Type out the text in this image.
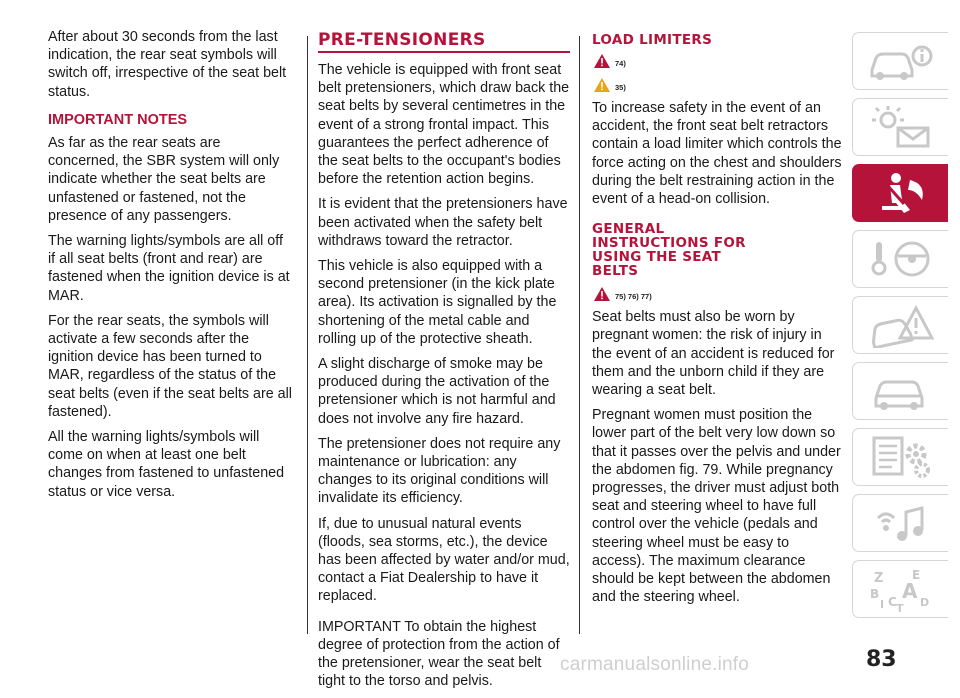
After about 30 seconds from the last indication, the rear seat symbols will switch off, irrespective of the seat belt status.

IMPORTANT NOTES

As far as the rear seats are concerned, the SBR system will only indicate whether the seat belts are unfastened or fastened, not the presence of any passengers.

The warning lights/symbols are all off if all seat belts (front and rear) are fastened when the ignition device is at MAR.

For the rear seats, the symbols will activate a few seconds after the ignition device has been turned to MAR, regardless of the status of the seat belts (even if the seat belts are all fastened).

All the warning lights/symbols will come on when at least one belt changes from fastened to unfastened status or vice versa.

PRE-TENSIONERS

The vehicle is equipped with front seat belt pretensioners, which draw back the seat belts by several centimetres in the event of a strong frontal impact. This guarantees the perfect adherence of the seat belts to the occupant's bodies before the retention action begins.

It is evident that the pretensioners have been activated when the safety belt withdraws toward the retractor.

This vehicle is also equipped with a second pretensioner (in the kick plate area). Its activation is signalled by the shortening of the metal cable and rolling up of the protective sheath.

A slight discharge of smoke may be produced during the activation of the pretensioner which is not harmful and does not involve any fire hazard.

The pretensioner does not require any maintenance or lubrication: any changes to its original conditions will invalidate its efficiency.

If, due to unusual natural events (floods, sea storms, etc.), the device has been affected by water and/or mud, contact a Fiat Dealership to have it replaced.

IMPORTANT To obtain the highest degree of protection from the action of the pretensioner, wear the seat belt tight to the torso and pelvis.

LOAD LIMITERS
74)
35)

To increase safety in the event of an accident, the front seat belt retractors contain a load limiter which controls the force acting on the chest and shoulders during the belt restraining action in the event of a head-on collision.

GENERAL INSTRUCTIONS FOR USING THE SEAT BELTS
75) 76) 77)

Seat belts must also be worn by pregnant women: the risk of injury in the event of an accident is reduced for them and the unborn child if they are wearing a seat belt.

Pregnant women must position the lower part of the belt very low down so that it passes over the pelvis and under the abdomen fig. 79. While pregnancy progresses, the driver must adjust both seat and steering wheel to have full control over the vehicle (pedals and steering wheel must be easy to access). The maximum clearance should be kept between the abdomen and the steering wheel.

Z E
B A
C D
I T
carmanualsonline.info	83
